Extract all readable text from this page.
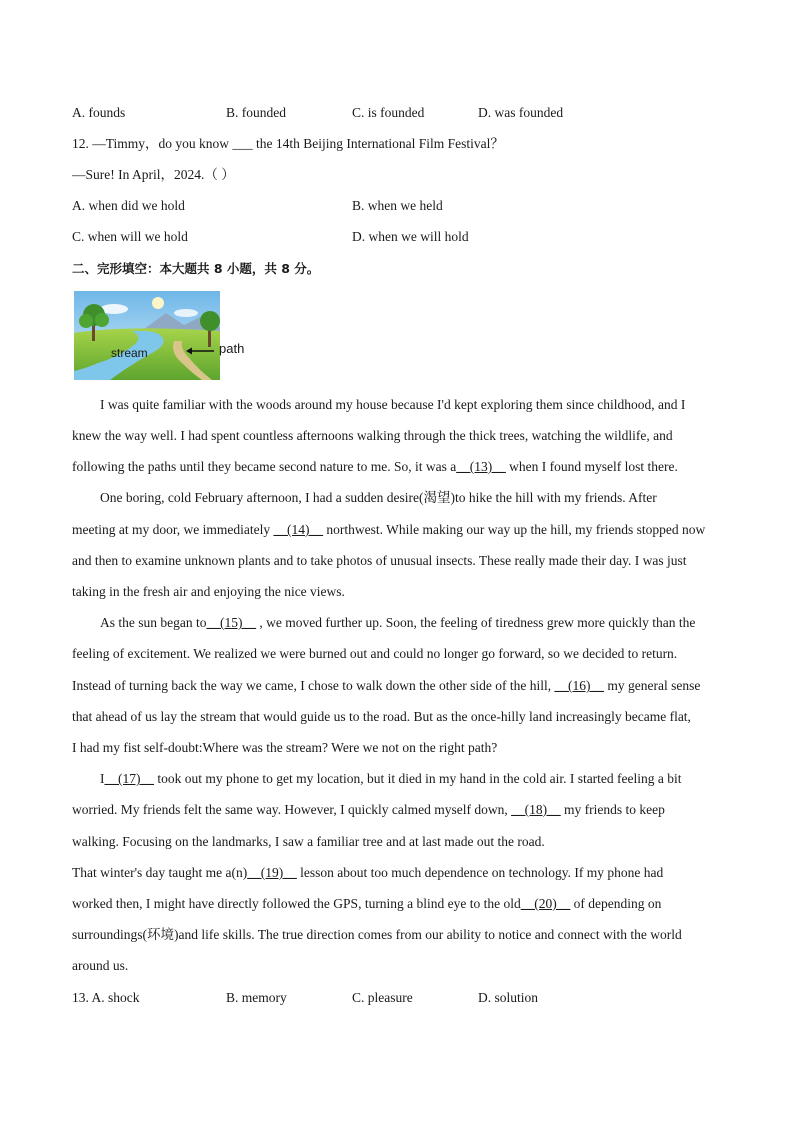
A. founds	B. founded	C. is founded	D. was founded
12. —Timmy，do you know ___ the 14th Beijing International Film Festival？
—Sure! In April，2024.（ ）
A. when did we hold	B. when we held
C. when will we hold	D. when we will hold
二、完形填空：本大题共 8 小题，共 8 分。
stream	path
I was quite familiar with the woods around my house because I'd kept exploring them since childhood, and I
knew the way well. I had spent countless afternoons walking through the thick trees, watching the wildlife, and
following the paths until they became second nature to me. So, it was a__(13)__ when I found myself lost there.
One boring, cold February afternoon, I had a sudden desire(渴望)to hike the hill with my friends. After
meeting at my door, we immediately __(14)__ northwest. While making our way up the hill, my friends stopped now
and then to examine unknown plants and to take photos of unusual insects. These really made their day. I was just
taking in the fresh air and enjoying the nice views.
As the sun began to__(15)__ , we moved further up. Soon, the feeling of tiredness grew more quickly than the
feeling of excitement. We realized we were burned out and could no longer go forward, so we decided to return.
Instead of turning back the way we came, I chose to walk down the other side of the hill, __(16)__ my general sense
that ahead of us lay the stream that would guide us to the road. But as the once-hilly land increasingly became flat,
I had my fist self-doubt:Where was the stream? Were we not on the right path?
I__(17)__ took out my phone to get my location, but it died in my hand in the cold air. I started feeling a bit
worried. My friends felt the same way. However, I quickly calmed myself down, __(18)__ my friends to keep
walking. Focusing on the landmarks, I saw a familiar tree and at last made out the road.
That winter's day taught me a(n)__(19)__ lesson about too much dependence on technology. If my phone had
worked then, I might have directly followed the GPS, turning a blind eye to the old__(20)__ of depending on
surroundings(环境)and life skills. The true direction comes from our ability to notice and connect with the world
around us.
13. A. shock	B. memory	C. pleasure	D. solution
